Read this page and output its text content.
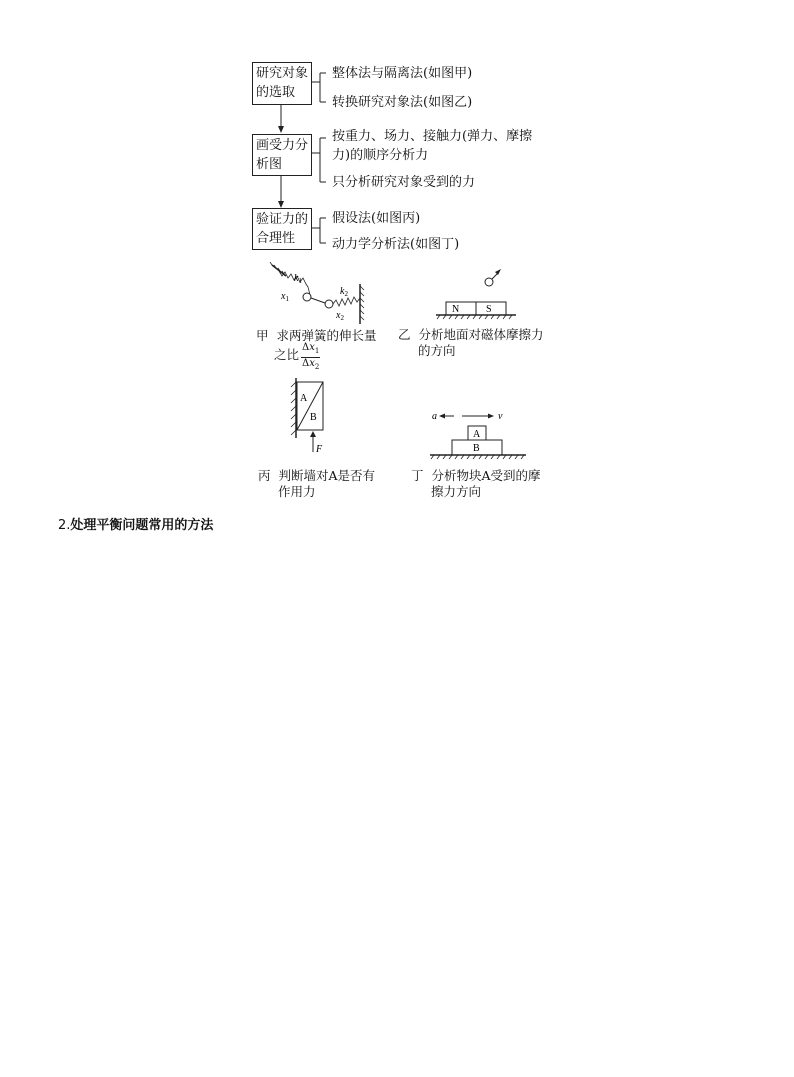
研究对象
的选取
整体法与隔离法(如图甲)
转换研究对象法(如图乙)
画受力分
析图
按重力、场力、接触力(弹力、摩擦
力)的顺序分析力
只分析研究对象受到的力
验证力的
合理性
假设法(如图丙)
动力学分析法(如图丁)
$k_1$
$x_1$
$k_2$
$x_2$
甲 求两弹簧的伸长量
之比 $\frac{\Delta x_1}{\Delta x_2}$
N	S
乙 分析地面对磁体摩擦力
的方向
A
B
F
丙 判断墙对A是否有
作用力
a	v
A
B
丁 分析物块A受到的摩
擦力方向
2.处理平衡问题常用的方法
